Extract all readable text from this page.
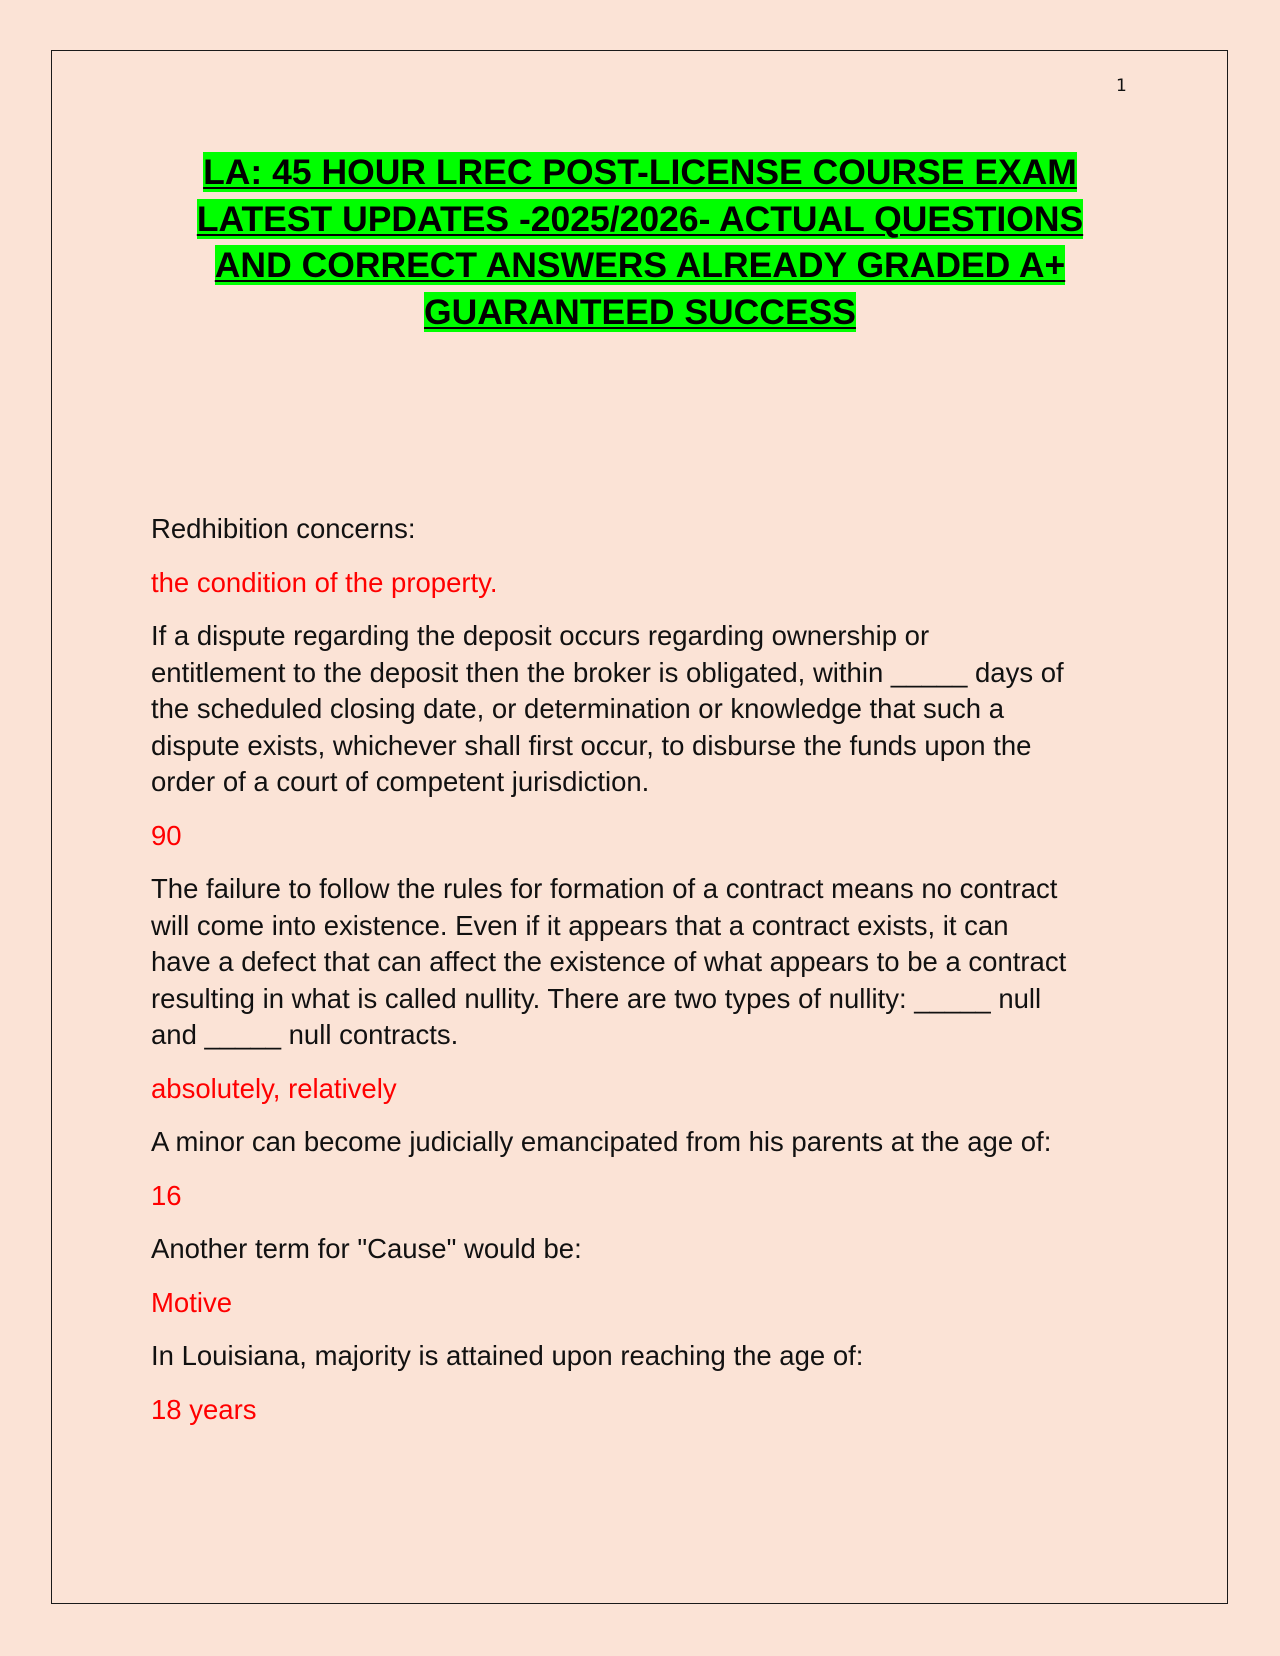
1
LA: 45 HOUR LREC POST-LICENSE COURSE EXAM
LATEST UPDATES -2025/2026- ACTUAL QUESTIONS
AND CORRECT ANSWERS ALREADY GRADED A+
GUARANTEED SUCCESS

Redhibition concerns:

the condition of the property.

If a dispute regarding the deposit occurs regarding ownership or
entitlement to the deposit then the broker is obligated, within _____ days of
the scheduled closing date, or determination or knowledge that such a
dispute exists, whichever shall first occur, to disburse the funds upon the
order of a court of competent jurisdiction.

90

The failure to follow the rules for formation of a contract means no contract
will come into existence. Even if it appears that a contract exists, it can
have a defect that can affect the existence of what appears to be a contract
resulting in what is called nullity. There are two types of nullity: _____ null
and _____ null contracts.

absolutely, relatively

A minor can become judicially emancipated from his parents at the age of:

16

Another term for "Cause" would be:

Motive

In Louisiana, majority is attained upon reaching the age of:

18 years
